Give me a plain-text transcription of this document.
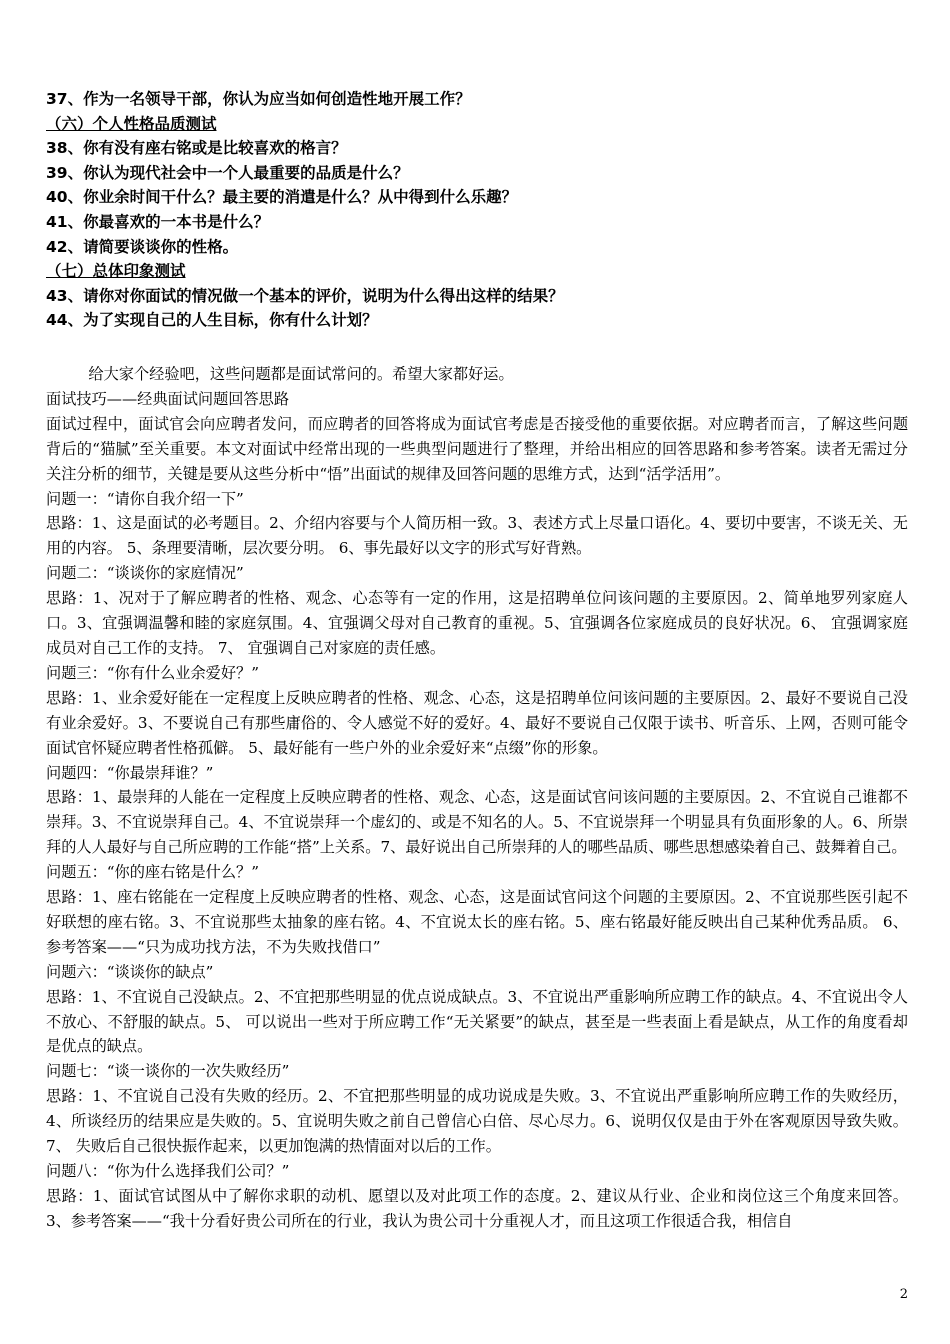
37、作为一名领导干部，你认为应当如何创造性地开展工作？
（六）个人性格品质测试
38、你有没有座右铭或是比较喜欢的格言？
39、你认为现代社会中一个人最重要的品质是什么？
40、你业余时间干什么？最主要的消遣是什么？从中得到什么乐趣？
41、你最喜欢的一本书是什么？
42、请简要谈谈你的性格。
（七）总体印象测试
43、请你对你面试的情况做一个基本的评价，说明为什么得出这样的结果？
44、为了实现自己的人生目标，你有什么计划？

给大家个经验吧，这些问题都是面试常问的。希望大家都好运。

面试技巧——经典面试问题回答思路

面试过程中，面试官会向应聘者发问，而应聘者的回答将成为面试官考虑是否接受他的重要依据。对应聘者而言，了解这些问题背后的“猫腻”至关重要。本文对面试中经常出现的一些典型问题进行了整理，并给出相应的回答思路和参考答案。读者无需过分关注分析的细节，关键是要从这些分析中“悟”出面试的规律及回答问题的思维方式，达到“活学活用”。

问题一：“请你自我介绍一下”

思路：1、这是面试的必考题目。2、介绍内容要与个人简历相一致。3、表述方式上尽量口语化。4、要切中要害，不谈无关、无用的内容。 5、条理要清晰，层次要分明。 6、事先最好以文字的形式写好背熟。

问题二：“谈谈你的家庭情况”

思路：1、况对于了解应聘者的性格、观念、心态等有一定的作用，这是招聘单位问该问题的主要原因。2、简单地罗列家庭人口。3、宜强调温馨和睦的家庭氛围。4、宜强调父母对自己教育的重视。5、宜强调各位家庭成员的良好状况。6、 宜强调家庭成员对自己工作的支持。 7、 宜强调自己对家庭的责任感。

问题三：“你有什么业余爱好？”

思路：1、业余爱好能在一定程度上反映应聘者的性格、观念、心态，这是招聘单位问该问题的主要原因。2、最好不要说自己没有业余爱好。3、不要说自己有那些庸俗的、令人感觉不好的爱好。4、最好不要说自己仅限于读书、听音乐、上网，否则可能令面试官怀疑应聘者性格孤僻。 5、最好能有一些户外的业余爱好来“点缀”你的形象。

问题四：“你最崇拜谁？”

思路：1、最崇拜的人能在一定程度上反映应聘者的性格、观念、心态，这是面试官问该问题的主要原因。2、不宜说自己谁都不崇拜。3、不宜说崇拜自己。4、不宜说崇拜一个虚幻的、或是不知名的人。5、不宜说崇拜一个明显具有负面形象的人。6、所崇拜的人人最好与自己所应聘的工作能“搭”上关系。7、最好说出自己所崇拜的人的哪些品质、哪些思想感染着自己、鼓舞着自己。

问题五：“你的座右铭是什么？”

思路：1、座右铭能在一定程度上反映应聘者的性格、观念、心态，这是面试官问这个问题的主要原因。2、不宜说那些医引起不好联想的座右铭。3、不宜说那些太抽象的座右铭。4、不宜说太长的座右铭。5、座右铭最好能反映出自己某种优秀品质。 6、 参考答案——“只为成功找方法，不为失败找借口”

问题六：“谈谈你的缺点”

思路：1、不宜说自己没缺点。2、不宜把那些明显的优点说成缺点。3、不宜说出严重影响所应聘工作的缺点。4、不宜说出令人不放心、不舒服的缺点。5、 可以说出一些对于所应聘工作“无关紧要”的缺点，甚至是一些表面上看是缺点，从工作的角度看却是优点的缺点。

问题七：“谈一谈你的一次失败经历”

思路：1、不宜说自己没有失败的经历。2、不宜把那些明显的成功说成是失败。3、不宜说出严重影响所应聘工作的失败经历，4、所谈经历的结果应是失败的。5、宜说明失败之前自己曾信心白倍、尽心尽力。6、说明仅仅是由于外在客观原因导致失败。 7、 失败后自己很快振作起来，以更加饱满的热情面对以后的工作。

问题八：“你为什么选择我们公司？”

思路：1、面试官试图从中了解你求职的动机、愿望以及对此项工作的态度。2、建议从行业、企业和岗位这三个角度来回答。3、参考答案——“我十分看好贵公司所在的行业，我认为贵公司十分重视人才，而且这项工作很适合我，相信自

2
